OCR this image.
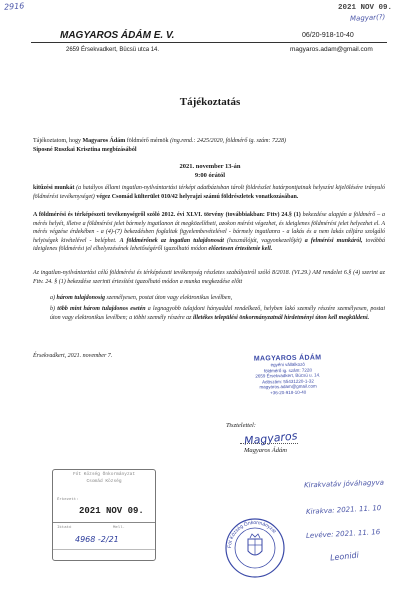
2916	2021 NOV 09.
Magyar(?)
MAGYAROS ÁDÁM E. V.	06/20-918-10-40
2659 Érsekvadkert, Bücsü utca 14.	magyaros.adam@gmail.com
Tájékoztatás
Tájékoztatom, hogy Magyaros Ádám földmérő mérnök (ing.rend.: 2425/2020, földmérő ig. szám: 7228)
Siposné Ruszkai Krisztina megbízásából
2021. november 13-án
9:00 órától
kitűzési munkát (a hatályos állami ingatlan-nyilvántartási térképi adatbázisban tárolt földrészlet határpontjainak helyszíni kijelölésére irányuló földmérési tevékenységet) végez Csomád külterület 010/42 helyrajzi számú földrészletek vonatkozásában.
A földmérési és térképészeti tevékenységről szóló 2012. évi XLVI. törvény (továbbiakban: Fttv) 24.§ (1) bekezdése alapján a földmérő – a mérés helyét, illetve a földmérési jelet bármely ingatlanon át megközelítheti, azokon mérést végezhet, és ideiglenes földmérési jelet helyezhet el. A mérés végzése érdekében - a (4)-(7) bekezdésben foglaltak figyelembevételével - bármely ingatlanra - a lakás és a nem lakás céljára szolgáló helyiségek kivételével - beléphet. A földmérőnek az ingatlan tulajdonosát (használóját, vagyonkezelőjét) a felmérési munkáról, továbbá ideiglenes földmérési jel elhelyezésének lehetőségéről igazolható módon előzetesen értesítenie kell.
Az ingatlan-nyilvántartási célú földmérési és térképészeti tevékenység részletes szabályairól szóló 8/2018. (VI.29.) AM rendelet 6.§ (4) szerint az Fttv. 24. § (1) bekezdése szerinti értesítést igazolható módon a munka megkezdése előtt
a) három tulajdonosig személyesen, postai úton vagy elektronikus levélben,
b) több mint három tulajdonos esetén a legnagyobb tulajdoni hányaddal rendelkező, helyben lakó személy részére személyesen, postai úton vagy elektronikus levélben; a többi személy részére az illetékes települési önkormányzatnál hirdetményi úton kell megküldeni.
Érsekvadkert, 2021. november 7.	MAGYAROS ÁDÁM
egyéni vállalkozó
földmérő ig. szám: 7228
2659 Érsekvadkert, Bücsü u. 14.
Adószám: 55431220-1-32
magyaros.adam@gmail.com
+36-20-918-10-40
Tisztelettel:
Magyaros
Magyaros Ádám
Fót Község Önkormányzat
Csomád Község
Érkezett:
2021 NOV 09.
Iktató	Mell.
4968 -2/21
Fót Község Önkormányzat
Kirakvatáv jóváhagyva
Kirakva: 2021. 11. 10
Levéve: 2021. 11. 16
Leonidi
